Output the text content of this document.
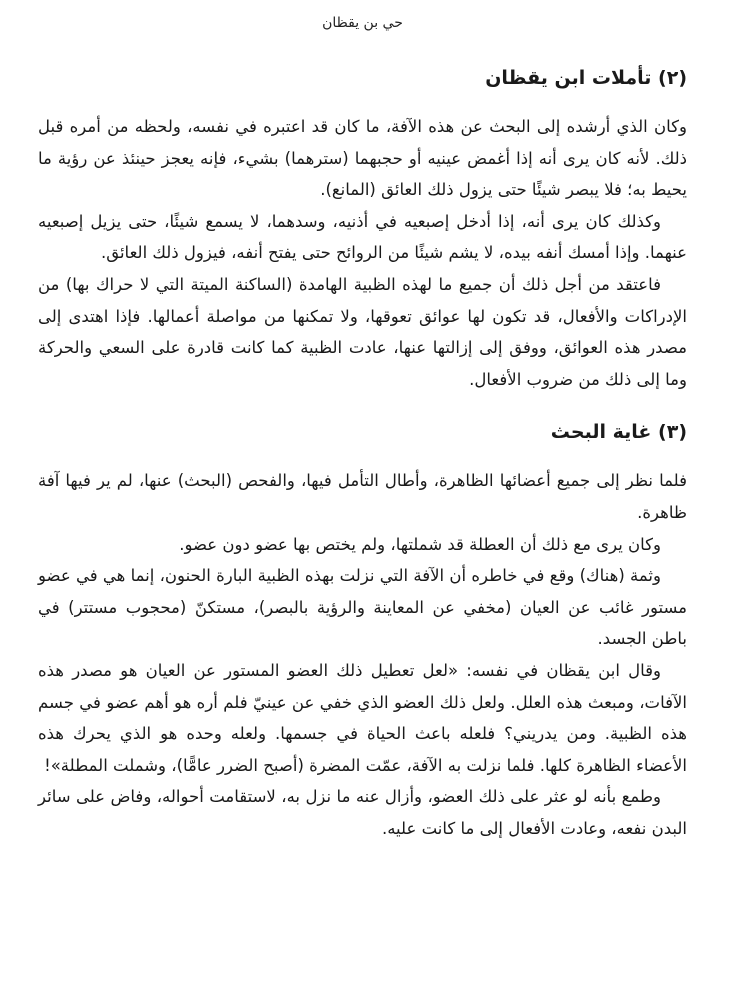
حي بن يقظان
(٢) تأملات ابن يقظان

وكان الذي أرشده إلى البحث عن هذه الآفة، ما كان قد اعتبره في نفسه، ولحظه من أمره قبل ذلك. لأنه كان يرى أنه إذا أغمض عينيه أو حجبهما (سترهما) بشيء، فإنه يعجز حينئذ عن رؤية ما يحيط به؛ فلا يبصر شيئًا حتى يزول ذلك العائق (المانع).

وكذلك كان يرى أنه، إذا أدخل إصبعيه في أذنيه، وسدهما، لا يسمع شيئًا، حتى يزيل إصبعيه عنهما. وإذا أمسك أنفه بيده، لا يشم شيئًا من الروائح حتى يفتح أنفه، فيزول ذلك العائق.

فاعتقد من أجل ذلك أن جميع ما لهذه الظبية الهامدة (الساكنة الميتة التي لا حراك بها) من الإدراكات والأفعال، قد تكون لها عوائق تعوقها، ولا تمكنها من مواصلة أعمالها. فإذا اهتدى إلى مصدر هذه العوائق، ووفق إلى إزالتها عنها، عادت الظبية كما كانت قادرة على السعي والحركة وما إلى ذلك من ضروب الأفعال.

(٣) غاية البحث

فلما نظر إلى جميع أعضائها الظاهرة، وأطال التأمل فيها، والفحص (البحث) عنها، لم ير فيها آفة ظاهرة.

وكان يرى مع ذلك أن العطلة قد شملتها، ولم يختص بها عضو دون عضو.

وثمة (هناك) وقع في خاطره أن الآفة التي نزلت بهذه الظبية البارة الحنون، إنما هي في عضو مستور غائب عن العيان (مخفي عن المعاينة والرؤية بالبصر)، مستكنّ (محجوب مستتر) في باطن الجسد.

وقال ابن يقظان في نفسه: «لعل تعطيل ذلك العضو المستور عن العيان هو مصدر هذه الآفات، ومبعث هذه العلل. ولعل ذلك العضو الذي خفي عن عينيّ فلم أره هو أهم عضو في جسم هذه الظبية. ومن يدريني؟ فلعله باعث الحياة في جسمها. ولعله وحده هو الذي يحرك هذه الأعضاء الظاهرة كلها. فلما نزلت به الآفة، عمّت المضرة (أصبح الضرر عامًّا)، وشملت المطلة»!

وطمع بأنه لو عثر على ذلك العضو، وأزال عنه ما نزل به، لاستقامت أحواله، وفاض على سائر البدن نفعه، وعادت الأفعال إلى ما كانت عليه.
